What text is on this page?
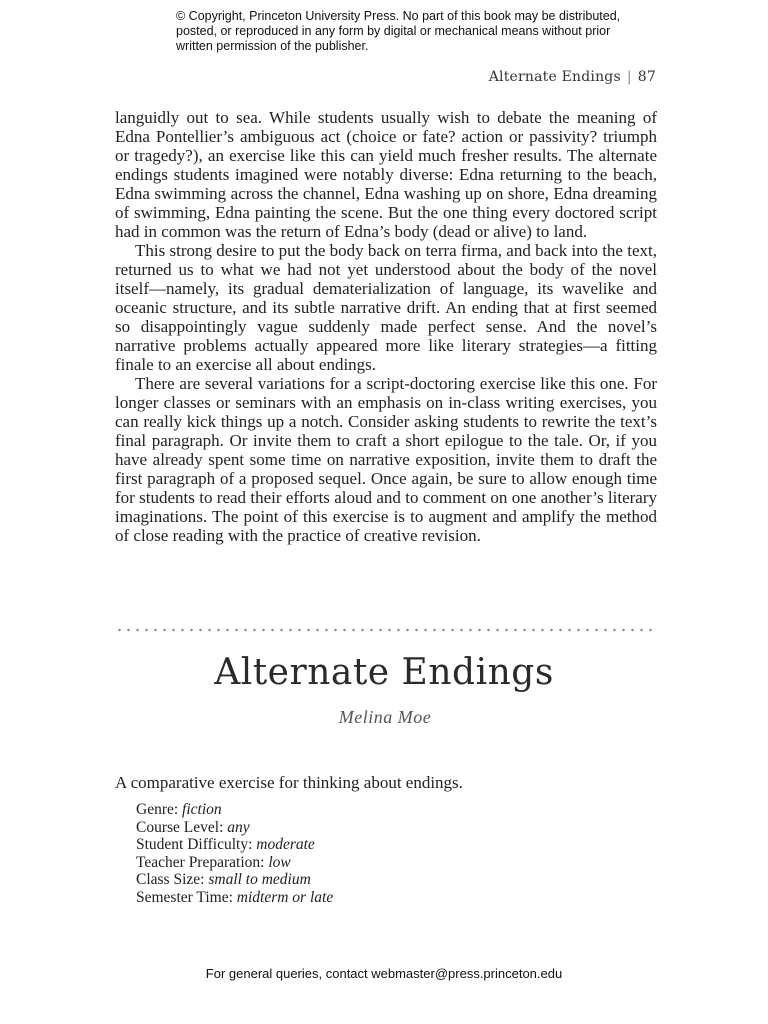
© Copyright, Princeton University Press. No part of this book may be distributed, posted, or reproduced in any form by digital or mechanical means without prior written permission of the publisher.
Alternate Endings | 87

languidly out to sea. While students usually wish to debate the meaning of Edna Pontellier’s ambiguous act (choice or fate? action or passivity? triumph or tragedy?), an exercise like this can yield much fresher results. The alternate endings students imagined were notably diverse: Edna returning to the beach, Edna swimming across the channel, Edna washing up on shore, Edna dreaming of swimming, Edna painting the scene. But the one thing every doctored script had in common was the return of Edna’s body (dead or alive) to land.

This strong desire to put the body back on terra firma, and back into the text, returned us to what we had not yet understood about the body of the novel itself—namely, its gradual dematerialization of language, its wavelike and oceanic structure, and its subtle narrative drift. An ending that at first seemed so disappointingly vague suddenly made perfect sense. And the novel’s narrative problems actually appeared more like literary strategies—a fitting finale to an exercise all about endings.

There are several variations for a script-doctoring exercise like this one. For longer classes or seminars with an emphasis on in-class writing exercises, you can really kick things up a notch. Consider asking students to rewrite the text’s final paragraph. Or invite them to craft a short epilogue to the tale. Or, if you have already spent some time on narrative exposition, invite them to draft the first paragraph of a proposed sequel. Once again, be sure to allow enough time for students to read their efforts aloud and to comment on one another’s literary imaginations. The point of this exercise is to augment and amplify the method of close reading with the practice of creative revision.

Alternate Endings
Melina Moe
A comparative exercise for thinking about endings.
Genre: fiction
Course Level: any
Student Difficulty: moderate
Teacher Preparation: low
Class Size: small to medium
Semester Time: midterm or late
For general queries, contact webmaster@press.princeton.edu
